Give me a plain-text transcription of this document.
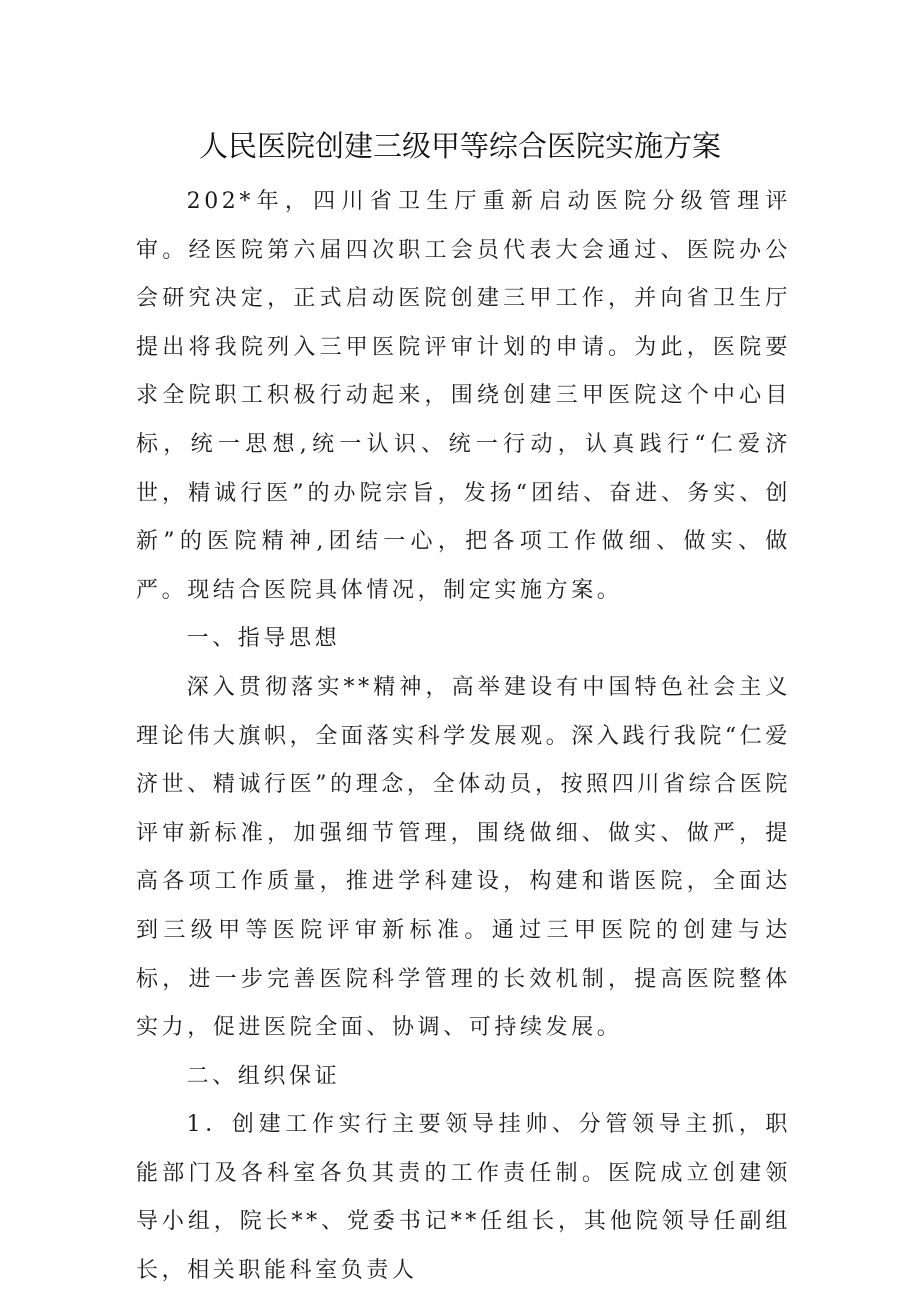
人民医院创建三级甲等综合医院实施方案

202*年，四川省卫生厅重新启动医院分级管理评审。经医院第六届四次职工会员代表大会通过、医院办公会研究决定，正式启动医院创建三甲工作，并向省卫生厅提出将我院列入三甲医院评审计划的申请。为此，医院要求全院职工积极行动起来，围绕创建三甲医院这个中心目标，统一思想,统一认识、统一行动，认真践行“仁爱济世，精诚行医”的办院宗旨，发扬“团结、奋进、务实、创新”的医院精神,团结一心，把各项工作做细、做实、做严。现结合医院具体情况，制定实施方案。

一、指导思想

深入贯彻落实**精神，高举建设有中国特色社会主义理论伟大旗帜，全面落实科学发展观。深入践行我院“仁爱济世、精诚行医”的理念，全体动员，按照四川省综合医院评审新标准，加强细节管理，围绕做细、做实、做严，提高各项工作质量，推进学科建设，构建和谐医院，全面达到三级甲等医院评审新标准。通过三甲医院的创建与达标，进一步完善医院科学管理的长效机制，提高医院整体实力，促进医院全面、协调、可持续发展。

二、组织保证

1．创建工作实行主要领导挂帅、分管领导主抓，职能部门及各科室各负其责的工作责任制。医院成立创建领导小组，院长**、党委书记**任组长，其他院领导任副组长，相关职能科室负责人
